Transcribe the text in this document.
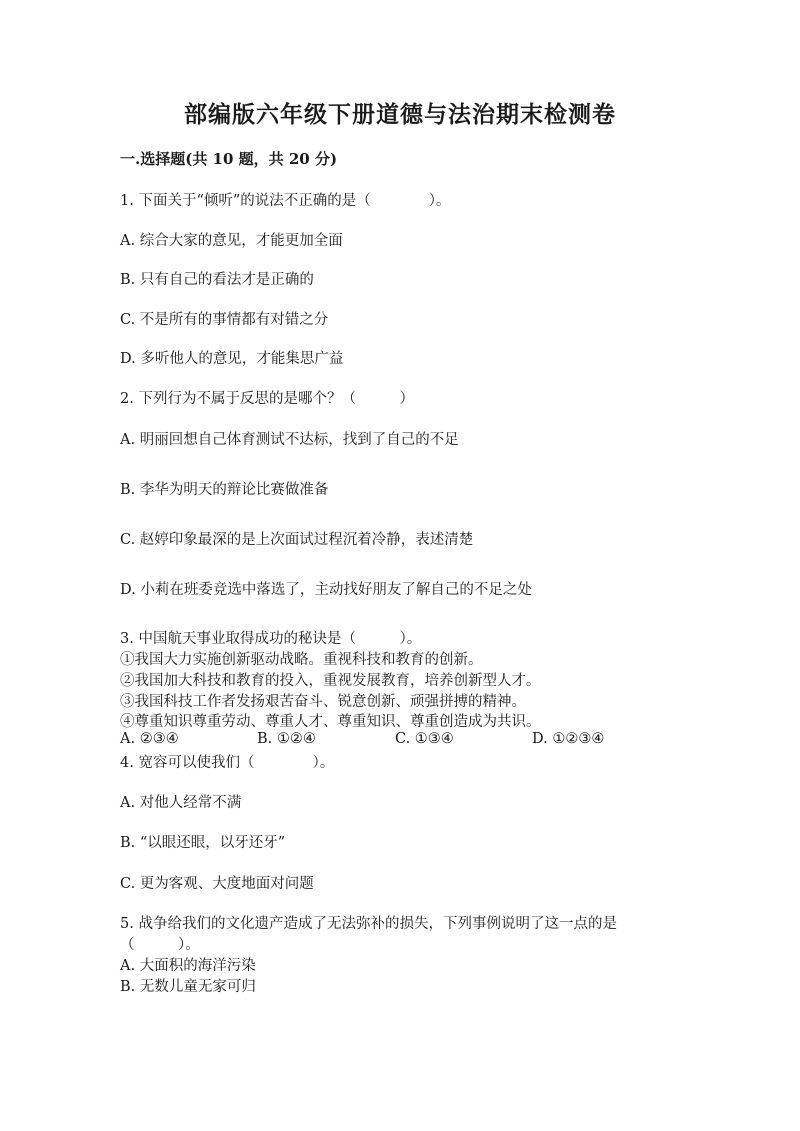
部编版六年级下册道德与法治期末检测卷
一.选择题(共 10 题，共 20 分)
1. 下面关于“倾听”的说法不正确的是（　　　　）。
A. 综合大家的意见，才能更加全面
B. 只有自己的看法才是正确的
C. 不是所有的事情都有对错之分
D. 多听他人的意见，才能集思广益
2. 下列行为不属于反思的是哪个？（　　　）
A. 明丽回想自己体育测试不达标，找到了自己的不足
B. 李华为明天的辩论比赛做准备
C. 赵婷印象最深的是上次面试过程沉着冷静，表述清楚
D. 小莉在班委竞选中落选了，主动找好朋友了解自己的不足之处
3. 中国航天事业取得成功的秘诀是（　　　）。
①我国大力实施创新驱动战略。重视科技和教育的创新。
②我国加大科技和教育的投入，重视发展教育，培养创新型人才。
③我国科技工作者发扬艰苦奋斗、锐意创新、顽强拼搏的精神。
④尊重知识尊重劳动、尊重人才、尊重知识、尊重创造成为共识。
A. ②③④	B. ①②④	C. ①③④	D. ①②③④
4. 宽容可以使我们（　　　　）。
A. 对他人经常不满
B. “以眼还眼，以牙还牙”
C. 更为客观、大度地面对问题
5. 战争给我们的文化遗产造成了无法弥补的损失，下列事例说明了这一点的是
（　　　）。
A. 大面积的海洋污染
B. 无数儿童无家可归
